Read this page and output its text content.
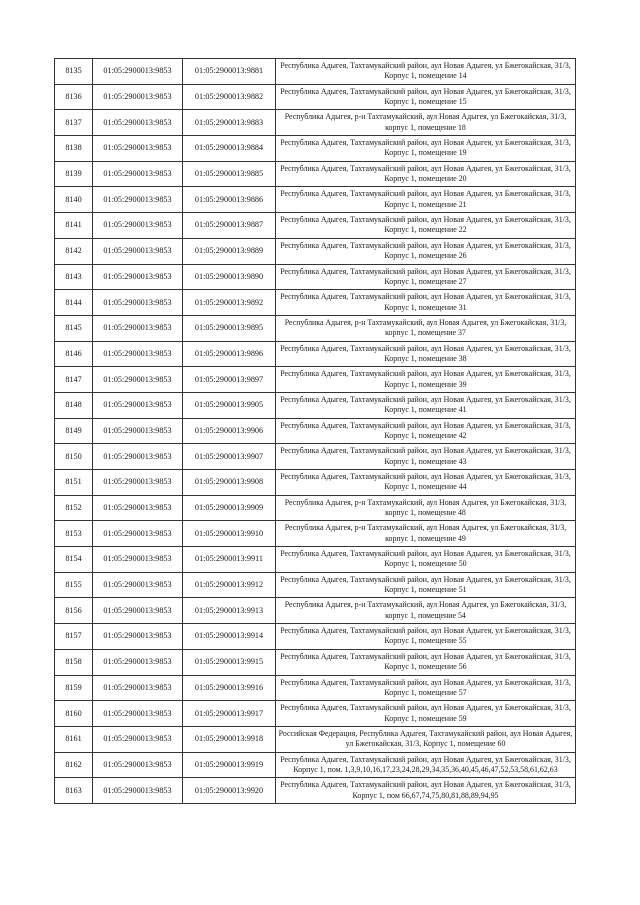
8135	01:05:2900013:9853	01:05:2900013:9881	Республика Адыгея, Тахтамукайский район, аул Новая Адыгея, ул Бжегокайская, 31/3, Корпус 1, помещение 14
8136	01:05:2900013:9853	01:05:2900013:9882	Республика Адыгея, Тахтамукайский район, аул Новая Адыгея, ул Бжегокайская, 31/3, Корпус 1, помещение 15
8137	01:05:2900013:9853	01:05:2900013:9883	Республика Адыгея, р-н Тахтамукайский, аул Новая Адыгея, ул Бжегокайская, 31/3, корпус 1, помещение 18
8138	01:05:2900013:9853	01:05:2900013:9884	Республика Адыгея, Тахтамукайский район, аул Новая Адыгея, ул Бжегокайская, 31/3, Корпус 1, помещение 19
8139	01:05:2900013:9853	01:05:2900013:9885	Республика Адыгея, Тахтамукайский район, аул Новая Адыгея, ул Бжегокайская, 31/3, Корпус 1, помещение 20
8140	01:05:2900013:9853	01:05:2900013:9886	Республика Адыгея, Тахтамукайский район, аул Новая Адыгея, ул Бжегокайская, 31/3, Корпус 1, помещение 21
8141	01:05:2900013:9853	01:05:2900013:9887	Республика Адыгея, Тахтамукайский район, аул Новая Адыгея, ул Бжегокайская, 31/3, Корпус 1, помещение 22
8142	01:05:2900013:9853	01:05:2900013:9889	Республика Адыгея, Тахтамукайский район, аул Новая Адыгея, ул Бжегокайская, 31/3, Корпус 1, помещение 26
8143	01:05:2900013:9853	01:05:2900013:9890	Республика Адыгея, Тахтамукайский район, аул Новая Адыгея, ул Бжегокайская, 31/3, Корпус 1, помещение 27
8144	01:05:2900013:9853	01:05:2900013:9892	Республика Адыгея, Тахтамукайский район, аул Новая Адыгея, ул Бжегокайская, 31/3, Корпус 1, помещение 31
8145	01:05:2900013:9853	01:05:2900013:9895	Республика Адыгея, р-н Тахтамукайский, аул Новая Адыгея, ул Бжегокайская, 31/3, корпус 1, помещение 37
8146	01:05:2900013:9853	01:05:2900013:9896	Республика Адыгея, Тахтамукайский район, аул Новая Адыгея, ул Бжегокайская, 31/3, Корпус 1, помещение 38
8147	01:05:2900013:9853	01:05:2900013:9897	Республика Адыгея, Тахтамукайский район, аул Новая Адыгея, ул Бжегокайская, 31/3, Корпус 1, помещение 39
8148	01:05:2900013:9853	01:05:2900013:9905	Республика Адыгея, Тахтамукайский район, аул Новая Адыгея, ул Бжегокайская, 31/3, Корпус 1, помещение 41
8149	01:05:2900013:9853	01:05:2900013:9906	Республика Адыгея, Тахтамукайский район, аул Новая Адыгея, ул Бжегокайская, 31/3, Корпус 1, помещение 42
8150	01:05:2900013:9853	01:05:2900013:9907	Республика Адыгея, Тахтамукайский район, аул Новая Адыгея, ул Бжегокайская, 31/3, Корпус 1, помещение 43
8151	01:05:2900013:9853	01:05:2900013:9908	Республика Адыгея, Тахтамукайский район, аул Новая Адыгея, ул Бжегокайская, 31/3, Корпус 1, помещение 44
8152	01:05:2900013:9853	01:05:2900013:9909	Республика Адыгея, р-н Тахтамукайский, аул Новая Адыгея, ул Бжегокайская, 31/3, корпус 1, помещение 48
8153	01:05:2900013:9853	01:05:2900013:9910	Республика Адыгея, р-н Тахтамукайский, аул Новая Адыгея, ул Бжегокайская, 31/3, корпус 1, помещение 49
8154	01:05:2900013:9853	01:05:2900013:9911	Республика Адыгея, Тахтамукайский район, аул Новая Адыгея, ул Бжегокайская, 31/3, Корпус 1, помещение 50
8155	01:05:2900013:9853	01:05:2900013:9912	Республика Адыгея, Тахтамукайский район, аул Новая Адыгея, ул Бжегокайская, 31/3, Корпус 1, помещение 51
8156	01:05:2900013:9853	01:05:2900013:9913	Республика Адыгея, р-н Тахтамукайский, аул Новая Адыгея, ул Бжегокайская, 31/3, корпус 1, помещение 54
8157	01:05:2900013:9853	01:05:2900013:9914	Республика Адыгея, Тахтамукайский район, аул Новая Адыгея, ул Бжегокайская, 31/3, Корпус 1, помещение 55
8158	01:05:2900013:9853	01:05:2900013:9915	Республика Адыгея, Тахтамукайский район, аул Новая Адыгея, ул Бжегокайская, 31/3, Корпус 1, помещение 56
8159	01:05:2900013:9853	01:05:2900013:9916	Республика Адыгея, Тахтамукайский район, аул Новая Адыгея, ул Бжегокайская, 31/3, Корпус 1, помещение 57
8160	01:05:2900013:9853	01:05:2900013:9917	Республика Адыгея, Тахтамукайский район, аул Новая Адыгея, ул Бжегокайская, 31/3, Корпус 1, помещение 59
8161	01:05:2900013:9853	01:05:2900013:9918	Российская Федерация, Республика Адыгея, Тахтамукайский район, аул Новая Адыгея, ул Бжегокайская, 31/3, Корпус 1, помещение 60
8162	01:05:2900013:9853	01:05:2900013:9919	Республика Адыгея, Тахтамукайский район, аул Новая Адыгея, ул Бжегокайская, 31/3, Корпус 1, пом. 1,3,9,10,16,17,23,24,28,29,34,35,36,40,45,46,47,52,53,58,61,62,63
8163	01:05:2900013:9853	01:05:2900013:9920	Республика Адыгея, Тахтамукайский район, аул Новая Адыгея, ул Бжегокайская, 31/3, Корпус 1, пом 66,67,74,75,80,81,88,89,94,95
